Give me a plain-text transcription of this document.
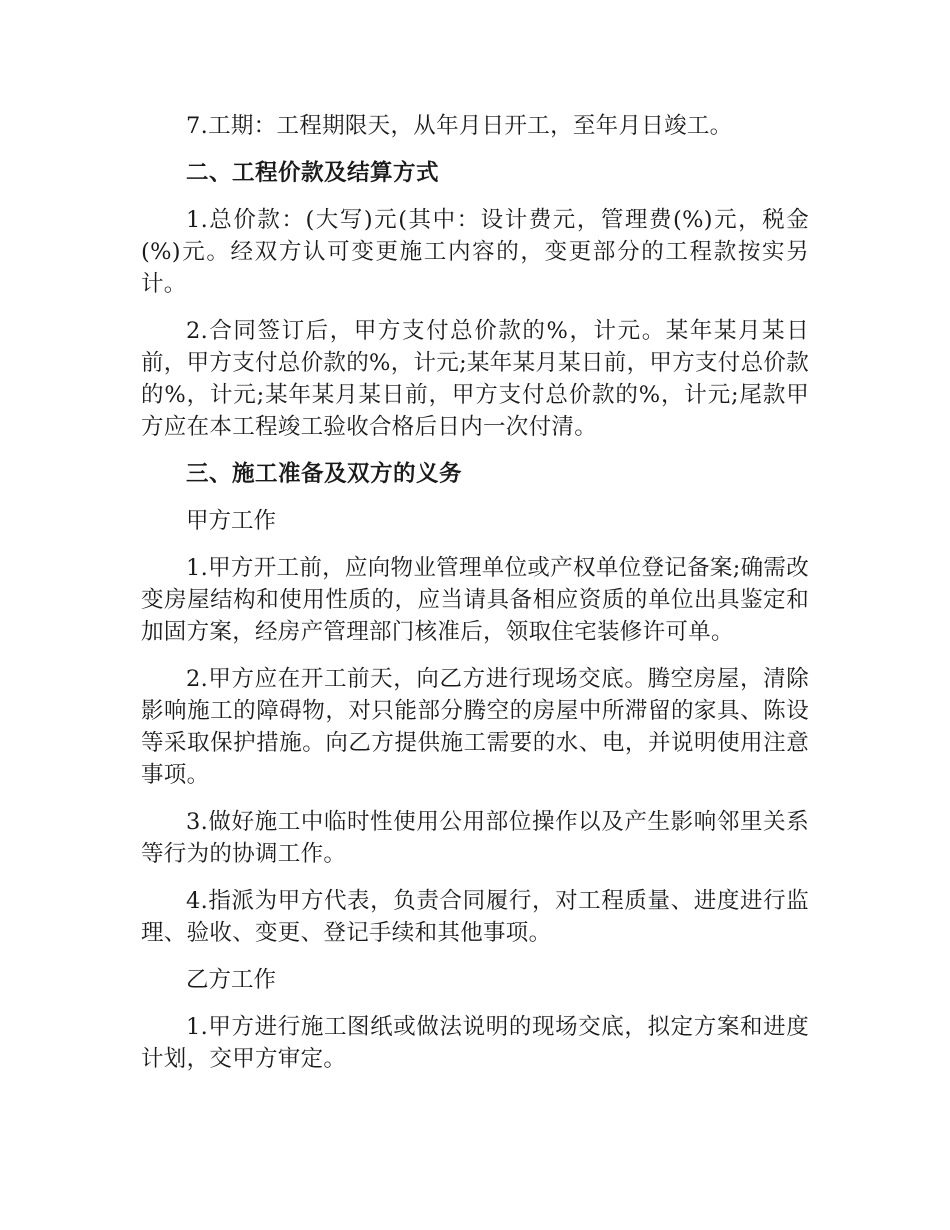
7.工期：工程期限天，从年月日开工，至年月日竣工。

二、工程价款及结算方式

1.总价款：(大写)元(其中：设计费元，管理费(%)元，税金(%)元。经双方认可变更施工内容的，变更部分的工程款按实另计。

2.合同签订后，甲方支付总价款的%，计元。某年某月某日前，甲方支付总价款的%，计元;某年某月某日前，甲方支付总价款的%，计元;某年某月某日前，甲方支付总价款的%，计元;尾款甲方应在本工程竣工验收合格后日内一次付清。

三、施工准备及双方的义务

甲方工作

1.甲方开工前，应向物业管理单位或产权单位登记备案;确需改变房屋结构和使用性质的，应当请具备相应资质的单位出具鉴定和加固方案，经房产管理部门核准后，领取住宅装修许可单。

2.甲方应在开工前天，向乙方进行现场交底。腾空房屋，清除影响施工的障碍物，对只能部分腾空的房屋中所滞留的家具、陈设等采取保护措施。向乙方提供施工需要的水、电，并说明使用注意事项。

3.做好施工中临时性使用公用部位操作以及产生影响邻里关系等行为的协调工作。

4.指派为甲方代表，负责合同履行，对工程质量、进度进行监理、验收、变更、登记手续和其他事项。

乙方工作

1.甲方进行施工图纸或做法说明的现场交底，拟定方案和进度计划，交甲方审定。
